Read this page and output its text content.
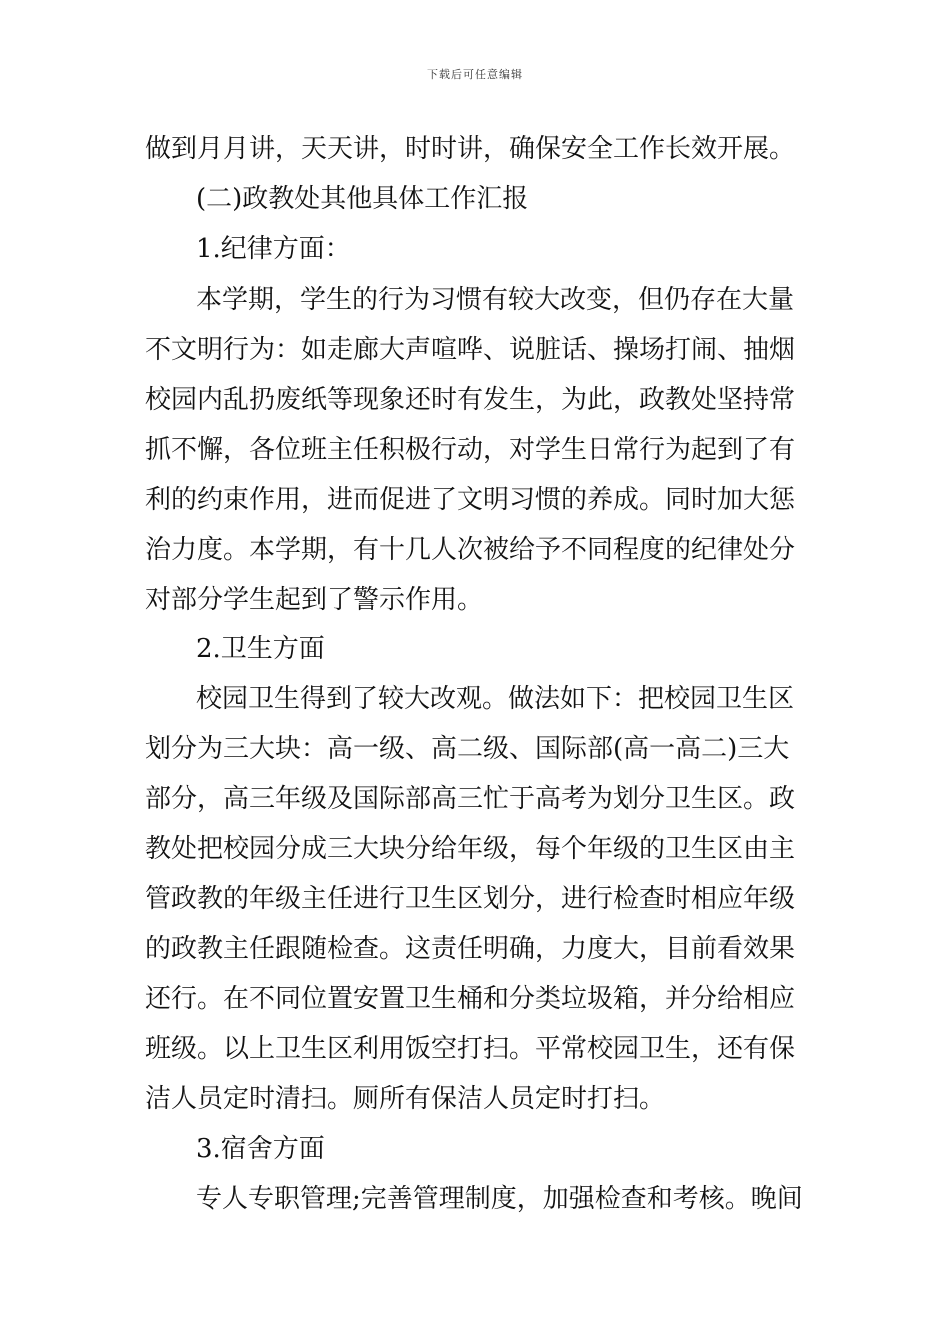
下载后可任意编辑
做到月月讲，天天讲，时时讲，确保安全工作长效开展。
(二)政教处其他具体工作汇报
1.纪律方面：
本学期，学生的行为习惯有较大改变，但仍存在大量
不文明行为：如走廊大声喧哗、说脏话、操场打闹、抽烟
校园内乱扔废纸等现象还时有发生，为此，政教处坚持常
抓不懈，各位班主任积极行动，对学生日常行为起到了有
利的约束作用，进而促进了文明习惯的养成。同时加大惩
治力度。本学期，有十几人次被给予不同程度的纪律处分
对部分学生起到了警示作用。
2.卫生方面
校园卫生得到了较大改观。做法如下：把校园卫生区
划分为三大块：高一级、高二级、国际部(高一高二)三大
部分，高三年级及国际部高三忙于高考为划分卫生区。政
教处把校园分成三大块分给年级，每个年级的卫生区由主
管政教的年级主任进行卫生区划分，进行检查时相应年级
的政教主任跟随检查。这责任明确，力度大，目前看效果
还行。在不同位置安置卫生桶和分类垃圾箱，并分给相应
班级。以上卫生区利用饭空打扫。平常校园卫生，还有保
洁人员定时清扫。厕所有保洁人员定时打扫。
3.宿舍方面
专人专职管理;完善管理制度，加强检查和考核。晚间
